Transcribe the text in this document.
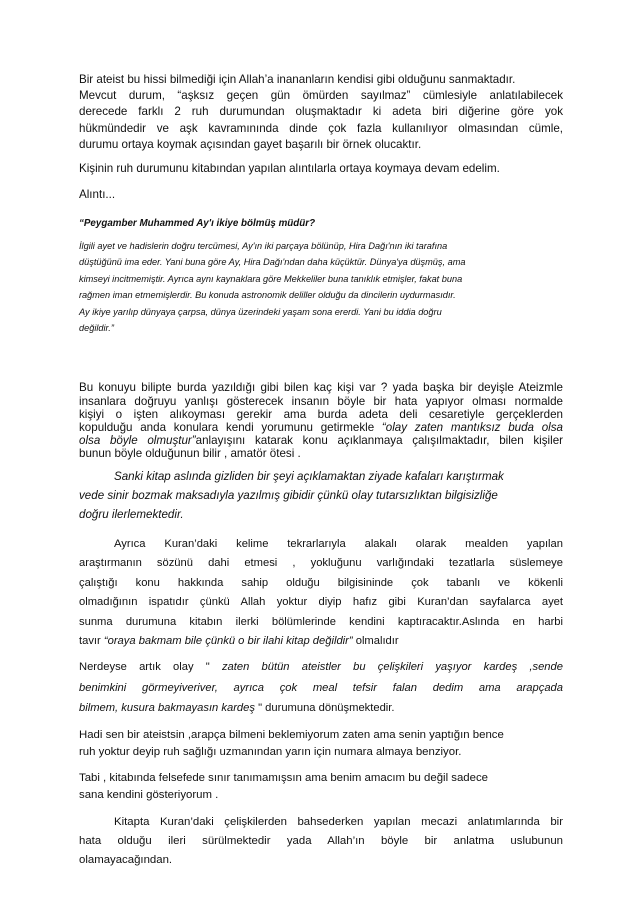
Bir ateist bu hissi bilmediği için Allah’a inananların kendisi gibi olduğunu sanmaktadır.
Mevcut durum, “aşksız geçen gün ömürden sayılmaz” cümlesiyle anlatılabilecek
derecede farklı 2 ruh durumundan oluşmaktadır ki adeta biri diğerine göre yok
hükmündedir ve aşk kavramınında dinde çok fazla kullanılıyor olmasından cümle,
durumu ortaya koymak açısından gayet başarılı bir örnek olucaktır.

Kişinin ruh durumunu kitabından yapılan alıntılarla ortaya koymaya devam edelim.

Alıntı...

“Peygamber Muhammed Ay'ı ikiye bölmüş müdür?

İlgili ayet ve hadislerin doğru tercümesi, Ay'ın iki parçaya bölünüp, Hira Dağı'nın iki tarafına
düştüğünü ima eder. Yani buna göre Ay, Hira Dağı'ndan daha küçüktür. Dünya'ya düşmüş, ama
kimseyi incitmemiştir. Ayrıca aynı kaynaklara göre Mekkeliler buna tanıklık etmişler, fakat buna
rağmen iman etmemişlerdir. Bu konuda astronomik deliller olduğu da dincilerin uydurmasıdır.
Ay ikiye yarılıp dünyaya çarpsa, dünya üzerindeki yaşam sona ererdi. Yani bu iddia doğru
değildir.”
Bu konuyu bilipte burda yazıldığı gibi bilen kaç kişi var ? yada başka bir deyişle Ateizmle
insanlara doğruyu yanlışı gösterecek insanın böyle bir hata yapıyor olması normalde
kişiyi o işten alıkoyması gerekir ama burda adeta deli cesaretiyle gerçeklerden
kopulduğu anda konulara kendi yorumunu getirmekle “olay zaten mantıksız buda olsa
olsa böyle olmuştur”anlayışını katarak konu açıklanmaya çalışılmaktadır, bilen kişiler
bunun böyle olduğunun bilir , amatör ötesi .
Sanki kitap aslında gizliden bir şeyi açıklamaktan ziyade kafaları karıştırmak
vede sinir bozmak maksadıyla yazılmış gibidir çünkü olay tutarsızlıktan bilgisizliğe
doğru ilerlemektedir.
Ayrıca Kuran’daki kelime tekrarlarıyla alakalı olarak mealden yapılan
araştırmanın sözünü dahi etmesi , yokluğunu varlığındaki tezatlarla süslemeye
çalıştığı konu hakkında sahip olduğu bilgisininde çok tabanlı ve kökenli
olmadığının ispatıdır çünkü Allah yoktur diyip hafız gibi Kuran’dan sayfalarca ayet
sunma durumuna kitabın ilerki bölümlerinde kendini kaptıracaktır.Aslında en harbi
tavır “oraya bakmam bile çünkü o bir ilahi kitap değildir” olmalıdır
Nerdeyse artık olay " zaten bütün ateistler bu çelişkileri yaşıyor kardeş ,sende
benimkini görmeyiveriver, ayrıca çok meal tefsir falan dedim ama arapçada
bilmem, kusura bakmayasın kardeş " durumuna dönüşmektedir.
Hadi sen bir ateistsin ,arapça bilmeni beklemiyorum zaten ama senin yaptığın bence
ruh yoktur deyip ruh sağlığı uzmanından yarın için numara almaya benziyor.
Tabi , kitabında felsefede sınır tanımamışsın ama benim amacım bu değil sadece
sana kendini gösteriyorum .
Kitapta Kuran’daki çelişkilerden bahsederken yapılan mecazi anlatımlarında bir
hata olduğu ileri sürülmektedir yada Allah’ın böyle bir anlatma uslubunun
olamayacağından.
